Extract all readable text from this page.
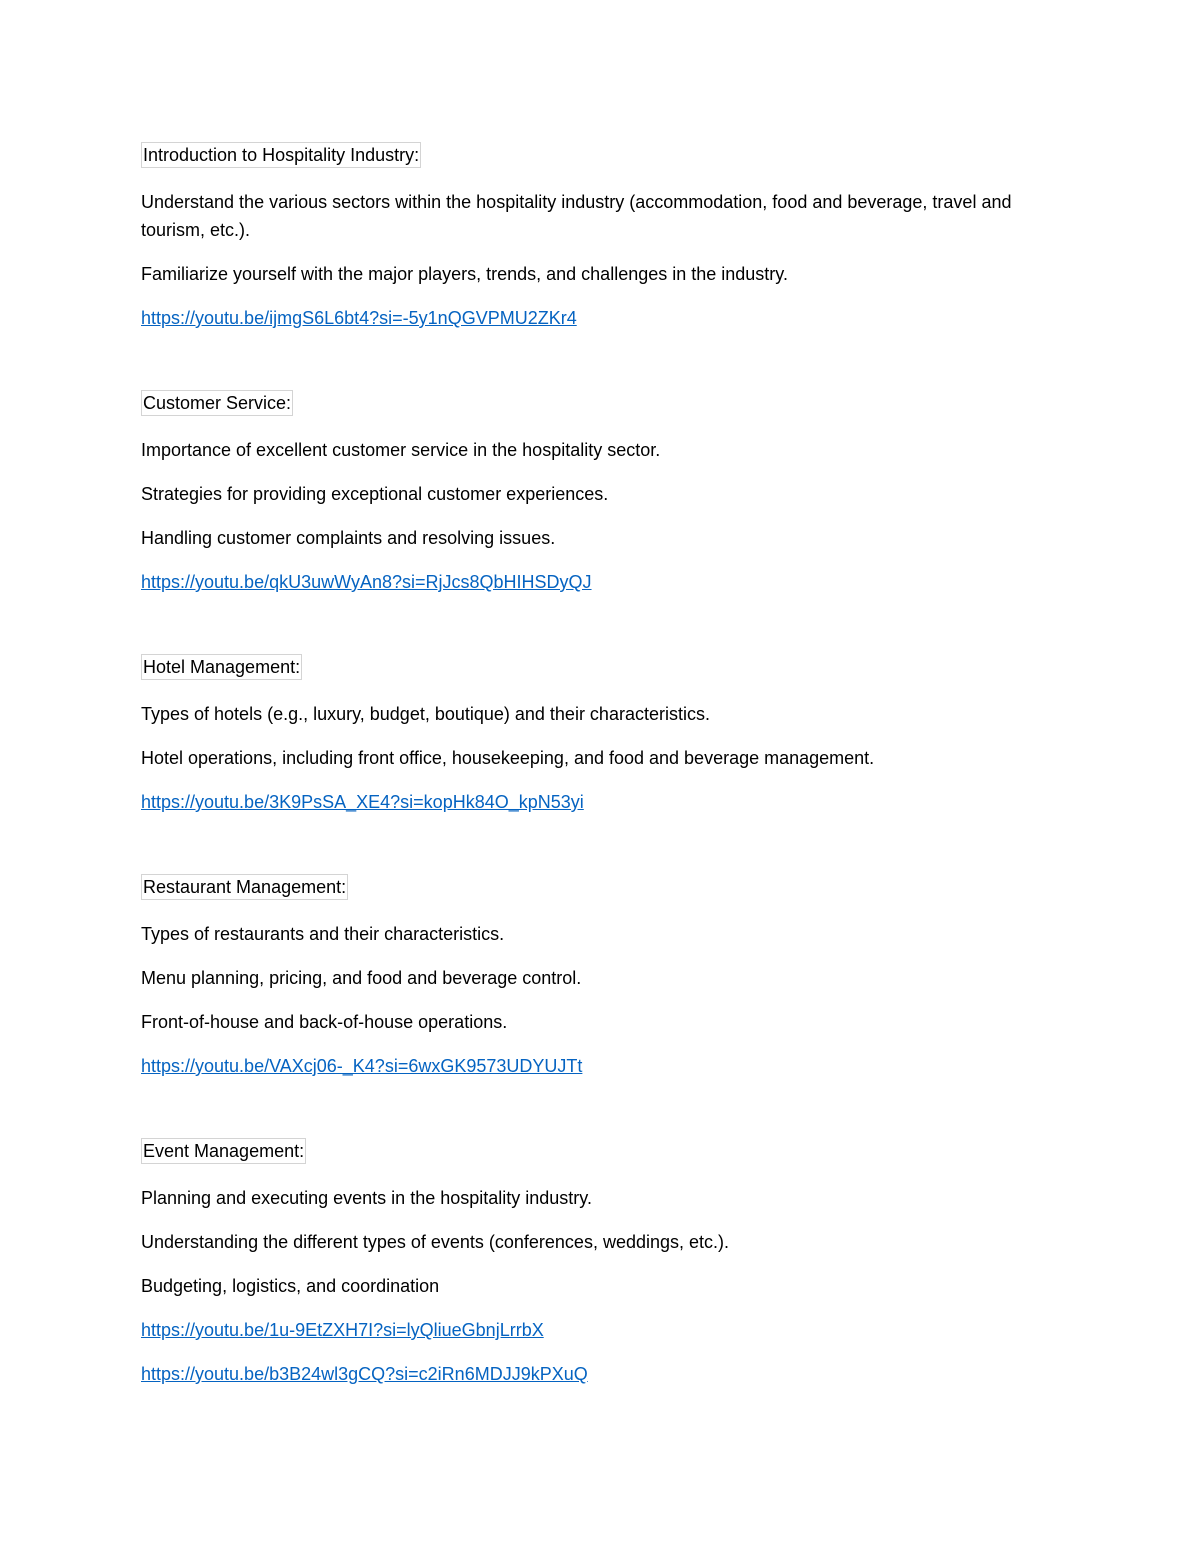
Introduction to Hospitality Industry:

Understand the various sectors within the hospitality industry (accommodation, food and beverage, travel and tourism, etc.).

Familiarize yourself with the major players, trends, and challenges in the industry.

https://youtu.be/ijmgS6L6bt4?si=-5y1nQGVPMU2ZKr4
Customer Service:

Importance of excellent customer service in the hospitality sector.

Strategies for providing exceptional customer experiences.

Handling customer complaints and resolving issues.

https://youtu.be/qkU3uwWyAn8?si=RjJcs8QbHIHSDyQJ
Hotel Management:

Types of hotels (e.g., luxury, budget, boutique) and their characteristics.

Hotel operations, including front office, housekeeping, and food and beverage management.

https://youtu.be/3K9PsSA_XE4?si=kopHk84O_kpN53yi
Restaurant Management:

Types of restaurants and their characteristics.

Menu planning, pricing, and food and beverage control.

Front-of-house and back-of-house operations.

https://youtu.be/VAXcj06-_K4?si=6wxGK9573UDYUJTt
Event Management:

Planning and executing events in the hospitality industry.

Understanding the different types of events (conferences, weddings, etc.).

Budgeting, logistics, and coordination

https://youtu.be/1u-9EtZXH7I?si=lyQliueGbnjLrrbX
https://youtu.be/b3B24wl3gCQ?si=c2iRn6MDJJ9kPXuQ
